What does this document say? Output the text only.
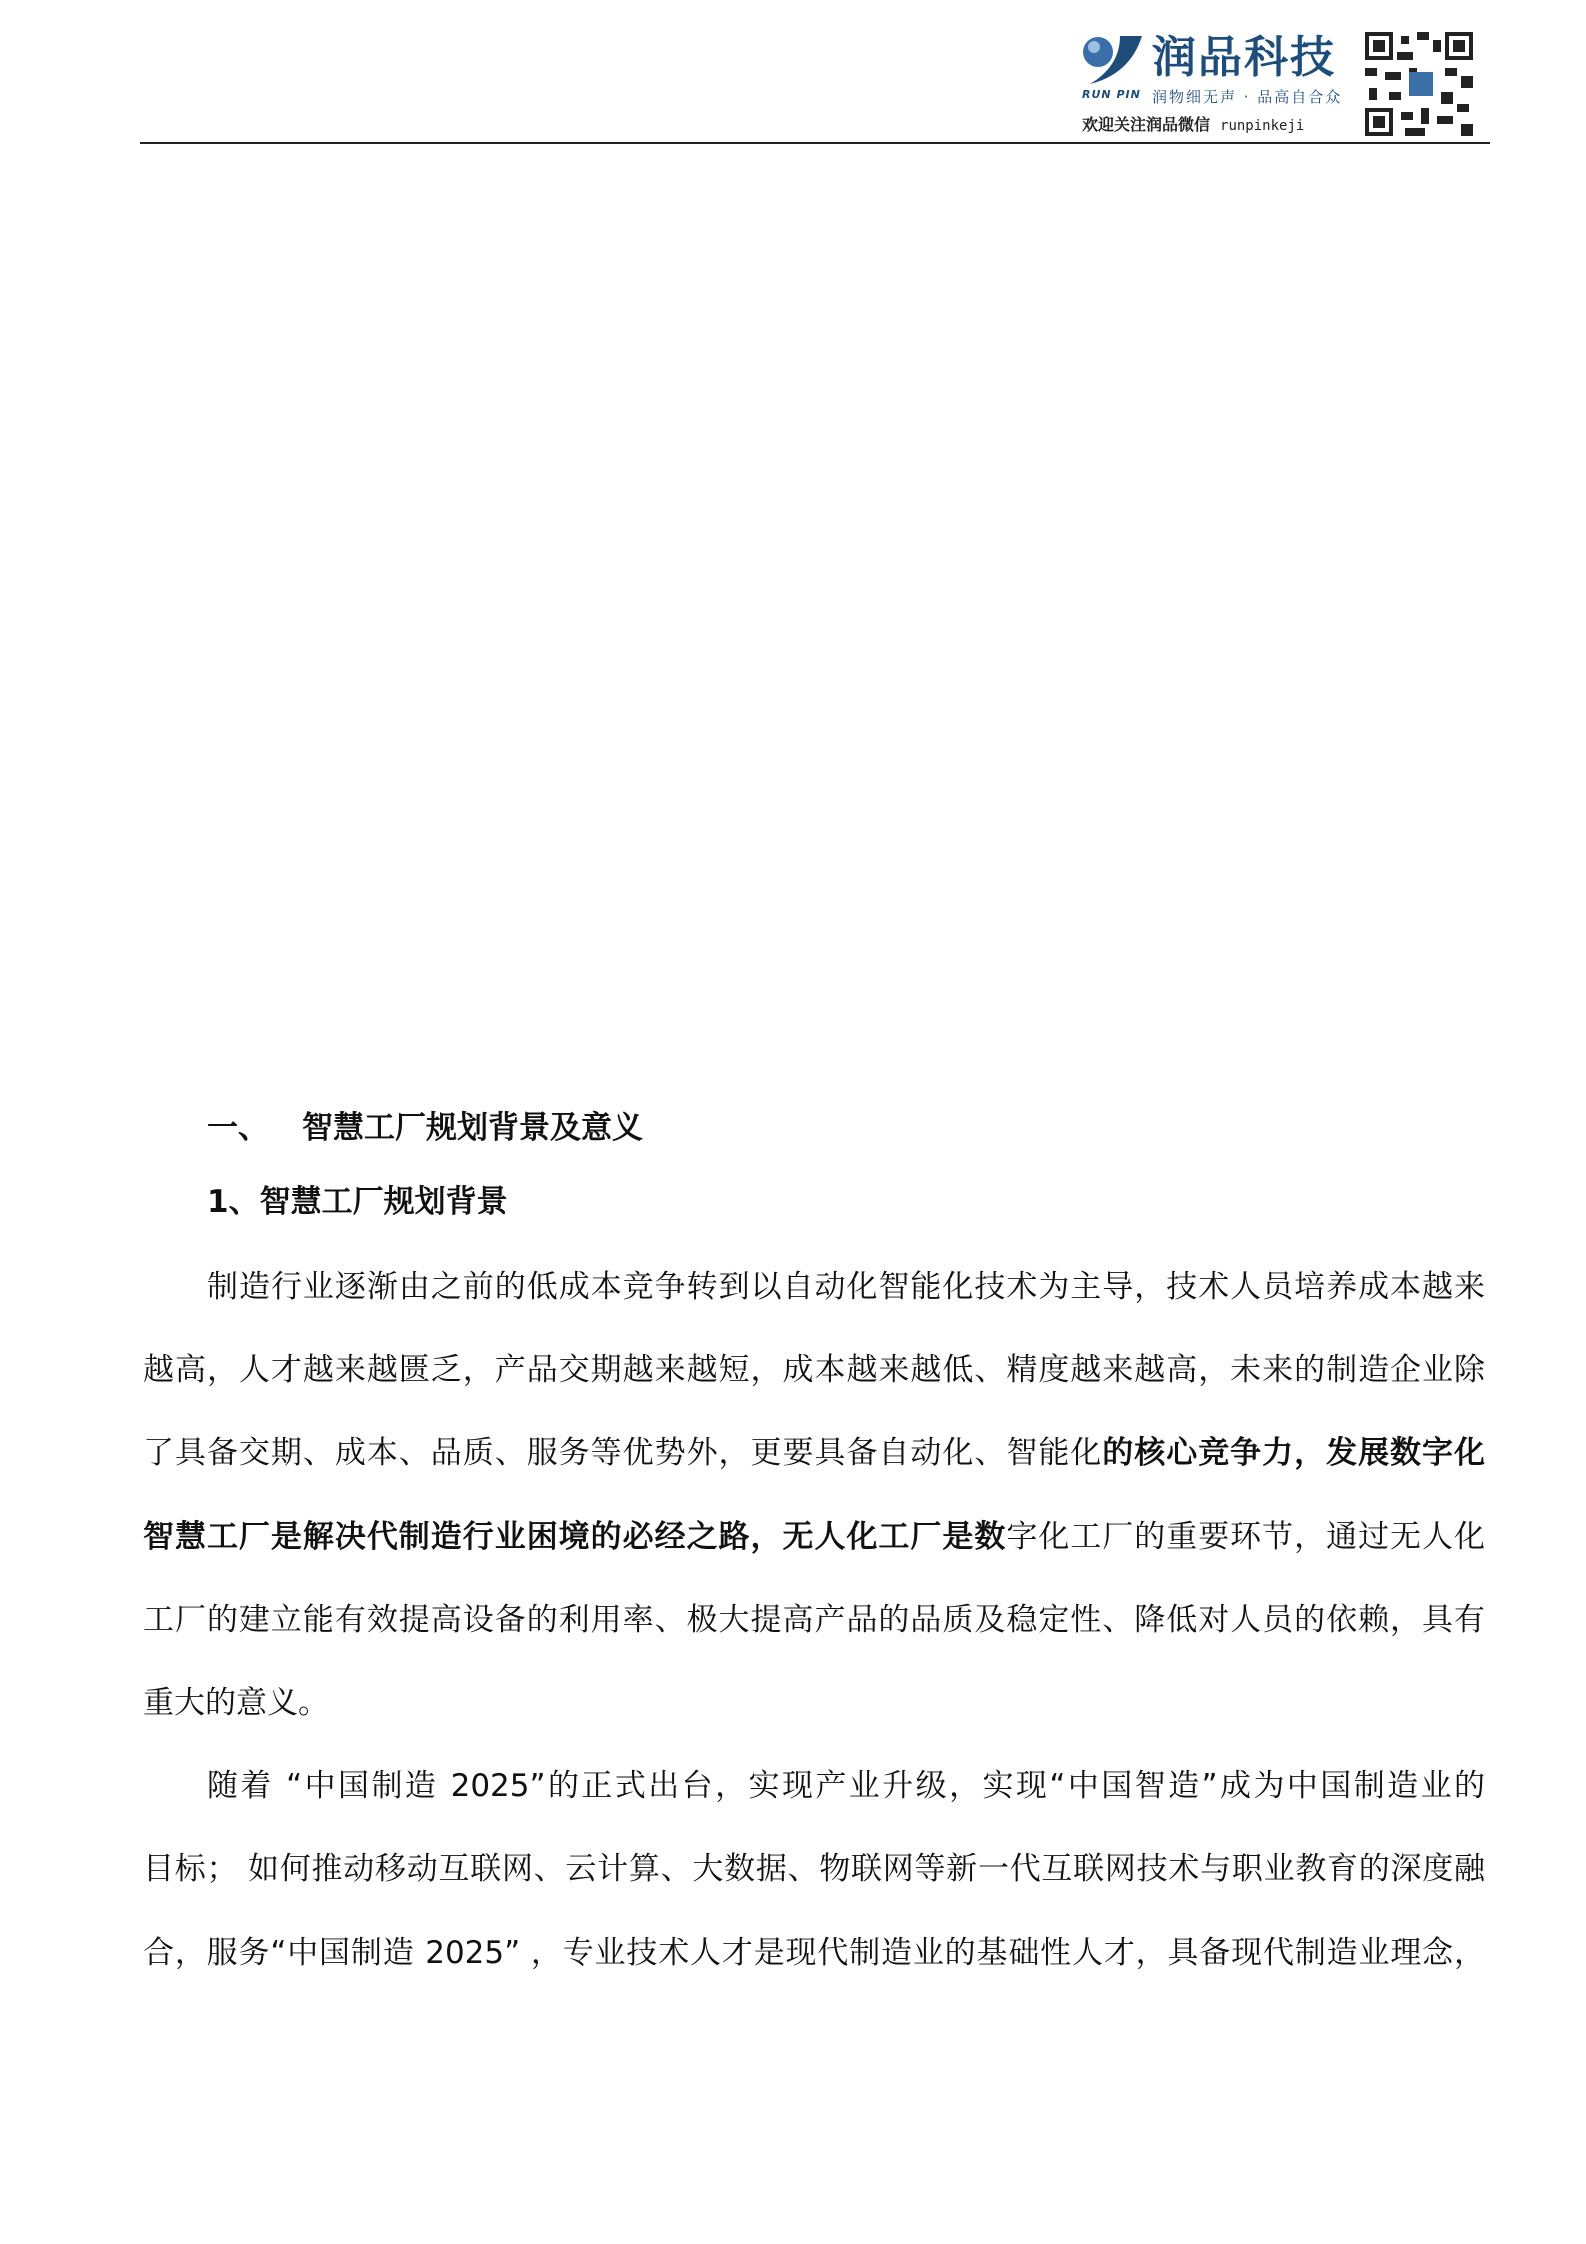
润品科技
RUN PIN 润物细无声 · 品高自合众
欢迎关注润品微信 runpinkeji
一、 智慧工厂规划背景及意义
1、智慧工厂规划背景
制造行业逐渐由之前的低成本竞争转到以自动化智能化技术为主导，技术人员培养成本越来
越高，人才越来越匮乏，产品交期越来越短，成本越来越低、精度越来越高，未来的制造企业除
了具备交期、成本、品质、服务等优势外，更要具备自动化、智能化的核心竞争力，发展数字化
智慧工厂是解决代制造行业困境的必经之路，无人化工厂是数字化工厂的重要环节，通过无人化
工厂的建立能有效提高设备的利用率、极大提高产品的品质及稳定性、降低对人员的依赖，具有
重大的意义。
随着 “中国制造 2025”的正式出台，实现产业升级，实现“中国智造”成为中国制造业的
目标； 如何推动移动互联网、云计算、大数据、物联网等新一代互联网技术与职业教育的深度融
合，服务“中国制造 2025” ，专业技术人才是现代制造业的基础性人才，具备现代制造业理念，
